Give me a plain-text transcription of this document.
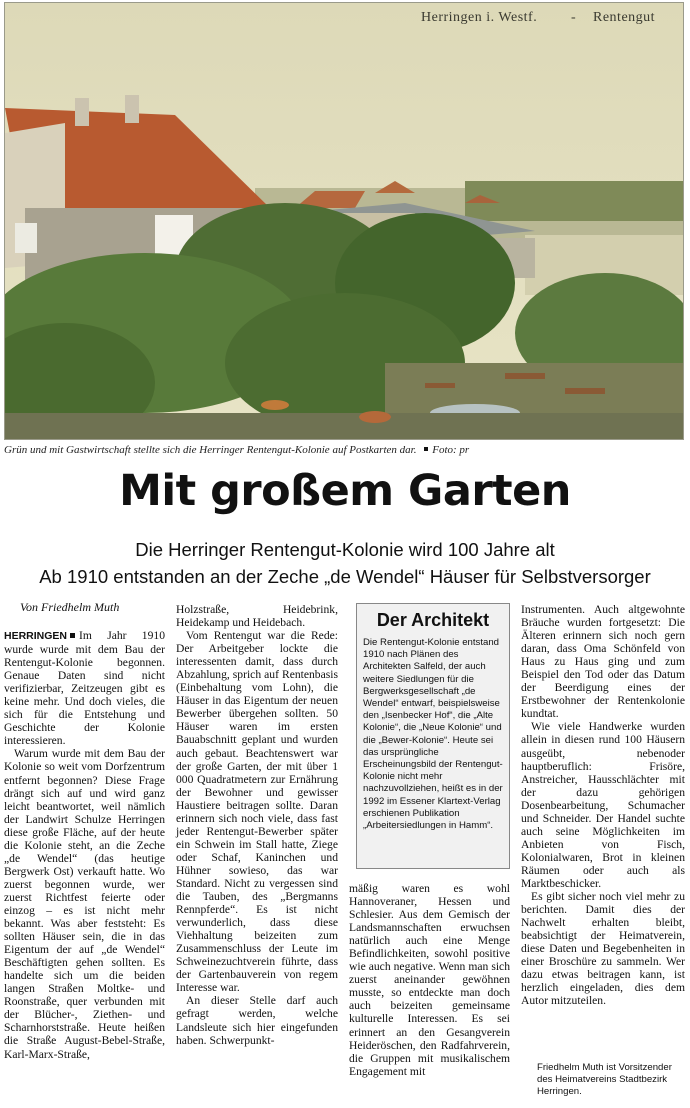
Herringen i. Westf. - Rentengut
Grün und mit Gastwirtschaft stellte sich die Herringer Rentengut-Kolonie auf Postkarten dar. Foto: pr
Mit großem Garten
Die Herringer Rentengut-Kolonie wird 100 Jahre alt
Ab 1910 entstanden an der Zeche „de Wendel“ Häuser für Selbstversorger
Von Friedhelm Muth

HERRINGEN Im Jahr 1910 wurde wurde mit dem Bau der Rentengut-Kolonie begonnen. Genaue Daten sind nicht verifizierbar, Zeitzeugen gibt es keine mehr. Und doch vieles, die sich für die Entstehung und Geschichte der Kolonie interessieren.

Warum wurde mit dem Bau der Kolonie so weit vom Dorfzentrum entfernt begonnen? Diese Frage drängt sich auf und wird ganz leicht beantwortet, weil nämlich der Landwirt Schulze Herringen diese große Fläche, auf der heute die Kolonie steht, an die Zeche „de Wendel“ (das heutige Bergwerk Ost) verkauft hatte. Wo zuerst begonnen wurde, wer zuerst Richtfest feierte oder einzog – es ist nicht mehr bekannt. Was aber feststeht: Es sollten Häuser sein, die in das Eigentum der auf „de Wendel“ Beschäftigten gehen sollten. Es handelte sich um die beiden langen Straßen Moltke- und Roonstraße, quer verbunden mit der Blücher-, Ziethen- und Scharnhorststraße. Heute heißen die Straße August-Bebel-Straße, Karl-Marx-Straße,

Holzstraße, Heidebrink, Heidekamp und Heidebach.

Vom Rentengut war die Rede: Der Arbeitgeber lockte die interessenten damit, dass durch Abzahlung, sprich auf Rentenbasis (Einbehaltung vom Lohn), die Häuser in das Eigentum der neuen Bewerber übergehen sollten. 50 Häuser waren im ersten Bauabschnitt geplant und wurden auch gebaut. Beachtenswert war der große Garten, der mit über 1 000 Quadratmetern zur Ernährung der Bewohner und gewisser Haustiere beitragen sollte. Daran erinnern sich noch viele, dass fast jeder Rentengut-Bewerber später ein Schwein im Stall hatte, Ziege oder Schaf, Kaninchen und Hühner sowieso, das war Standard. Nicht zu vergessen sind die Tauben, des „Bergmanns Rennpferde“. Es ist nicht verwunderlich, dass diese Viehhaltung beizeiten zum Zusammenschluss der Leute im Schweinezuchtverein führte, dass der Gartenbauverein von regem Interesse war.

An dieser Stelle darf auch gefragt werden, welche Landsleute sich hier eingefunden haben. Schwerpunkt-

Der Architekt

Die Rentengut-Kolonie entstand 1910 nach Plänen des Architekten Salfeld, der auch weitere Siedlungen für die Bergwerksgesellschaft „de Wendel“ entwarf, beispielsweise den „Isenbecker Hof“, die „Alte Kolonie“, die „Neue Kolonie“ und die „Bewer-Kolonie“. Heute sei das ursprüngliche Erscheinungsbild der Rentengut-Kolonie nicht mehr nachzuvollziehen, heißt es in der 1992 im Essener Klartext-Verlag erschienen Publikation „Arbeitersiedlungen in Hamm“.

mäßig waren es wohl Hannoveraner, Hessen und Schlesier. Aus dem Gemisch der Landsmannschaften erwuchsen natürlich auch eine Menge Befindlichkeiten, sowohl positive wie auch negative. Wenn man sich zuerst aneinander gewöhnen musste, so entdeckte man doch auch beizeiten gemeinsame kulturelle Interessen. Es sei erinnert an den Gesangverein Heideröschen, den Radfahrverein, die Gruppen mit musikalischem Engagement mit

Instrumenten. Auch altgewohnte Bräuche wurden fortgesetzt: Die Älteren erinnern sich noch gern daran, dass Oma Schönfeld von Haus zu Haus ging und zum Beispiel den Tod oder das Datum der Beerdigung eines der Erstbewohner der Rentenkolonie kundtat.

Wie viele Handwerke wurden allein in diesen rund 100 Häusern ausgeübt, nebenoder hauptberuflich: Frisöre, Anstreicher, Hausschlächter mit der dazu gehörigen Dosenbearbeitung, Schumacher und Schneider. Der Handel suchte auch seine Möglichkeiten im Anbieten von Fisch, Kolonialwaren, Brot in kleinen Räumen oder auch als Marktbeschicker.

Es gibt sicher noch viel mehr zu berichten. Damit dies der Nachwelt erhalten bleibt, beabsichtigt der Heimatverein, diese Daten und Begebenheiten in einer Broschüre zu sammeln. Wer dazu etwas beitragen kann, ist herzlich eingeladen, dies dem Autor mitzuteilen.

Friedhelm Muth ist Vorsitzender des Heimatvereins Stadtbezirk Herringen.
